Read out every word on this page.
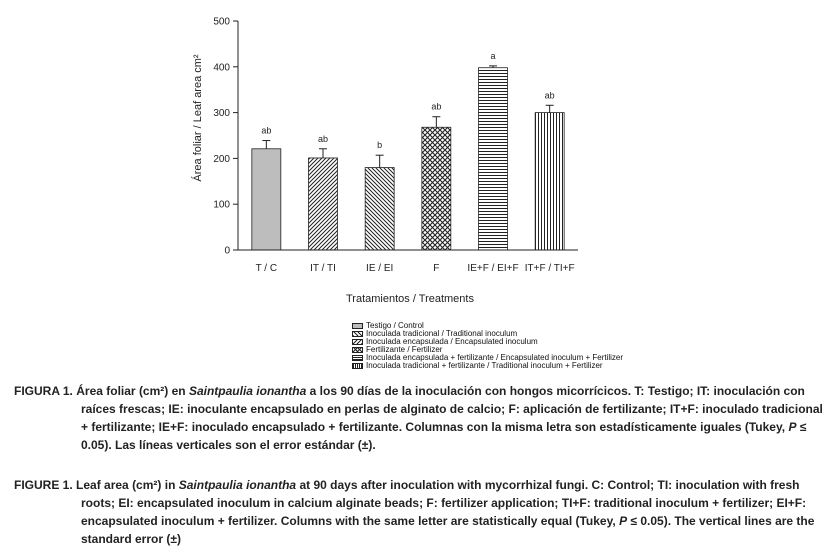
0
100
200
300
400
500
T / C	IT / TI	IE / EI	F	IE+F / EI+F IT+F / TI+F
ab
ab
b
ab
a
ab
Área foliar / Leaf area cm²
Tratamientos / Treatments
Testigo / Control
Inoculada tradicional / Traditional inoculum
Inoculada encapsulada / Encapsulated inoculum
Fertilizante / Fertilizer
Inoculada encapsulada + fertilizante / Encapsulated inoculum + Fertilizer
Inoculada tradicional + fertilizante / Traditional inoculum + Fertilizer
FIGURA 1. Área foliar (cm²) en Saintpaulia ionantha a los 90 días de la inoculación con hongos micorrícicos. T: Testigo; IT: inoculación con raíces frescas; IE: inoculante encapsulado en perlas de alginato de calcio; F: aplicación de fertilizante; IT+F: inoculado tradicional + fertilizante; IE+F: inoculado encapsulado + fertilizante. Columnas con la misma letra son estadísticamente iguales (Tukey, P ≤ 0.05). Las líneas verticales son el error estándar (±).
FIGURE 1. Leaf area (cm²) in Saintpaulia ionantha at 90 days after inoculation with mycorrhizal fungi. C: Control; TI: inoculation with fresh roots; EI: encapsulated inoculum in calcium alginate beads; F: fertilizer application; TI+F: traditional inoculum + fertilizer; EI+F: encapsulated inoculum + fertilizer. Columns with the same letter are statistically equal (Tukey, P ≤ 0.05). The vertical lines are the standard error (±)
